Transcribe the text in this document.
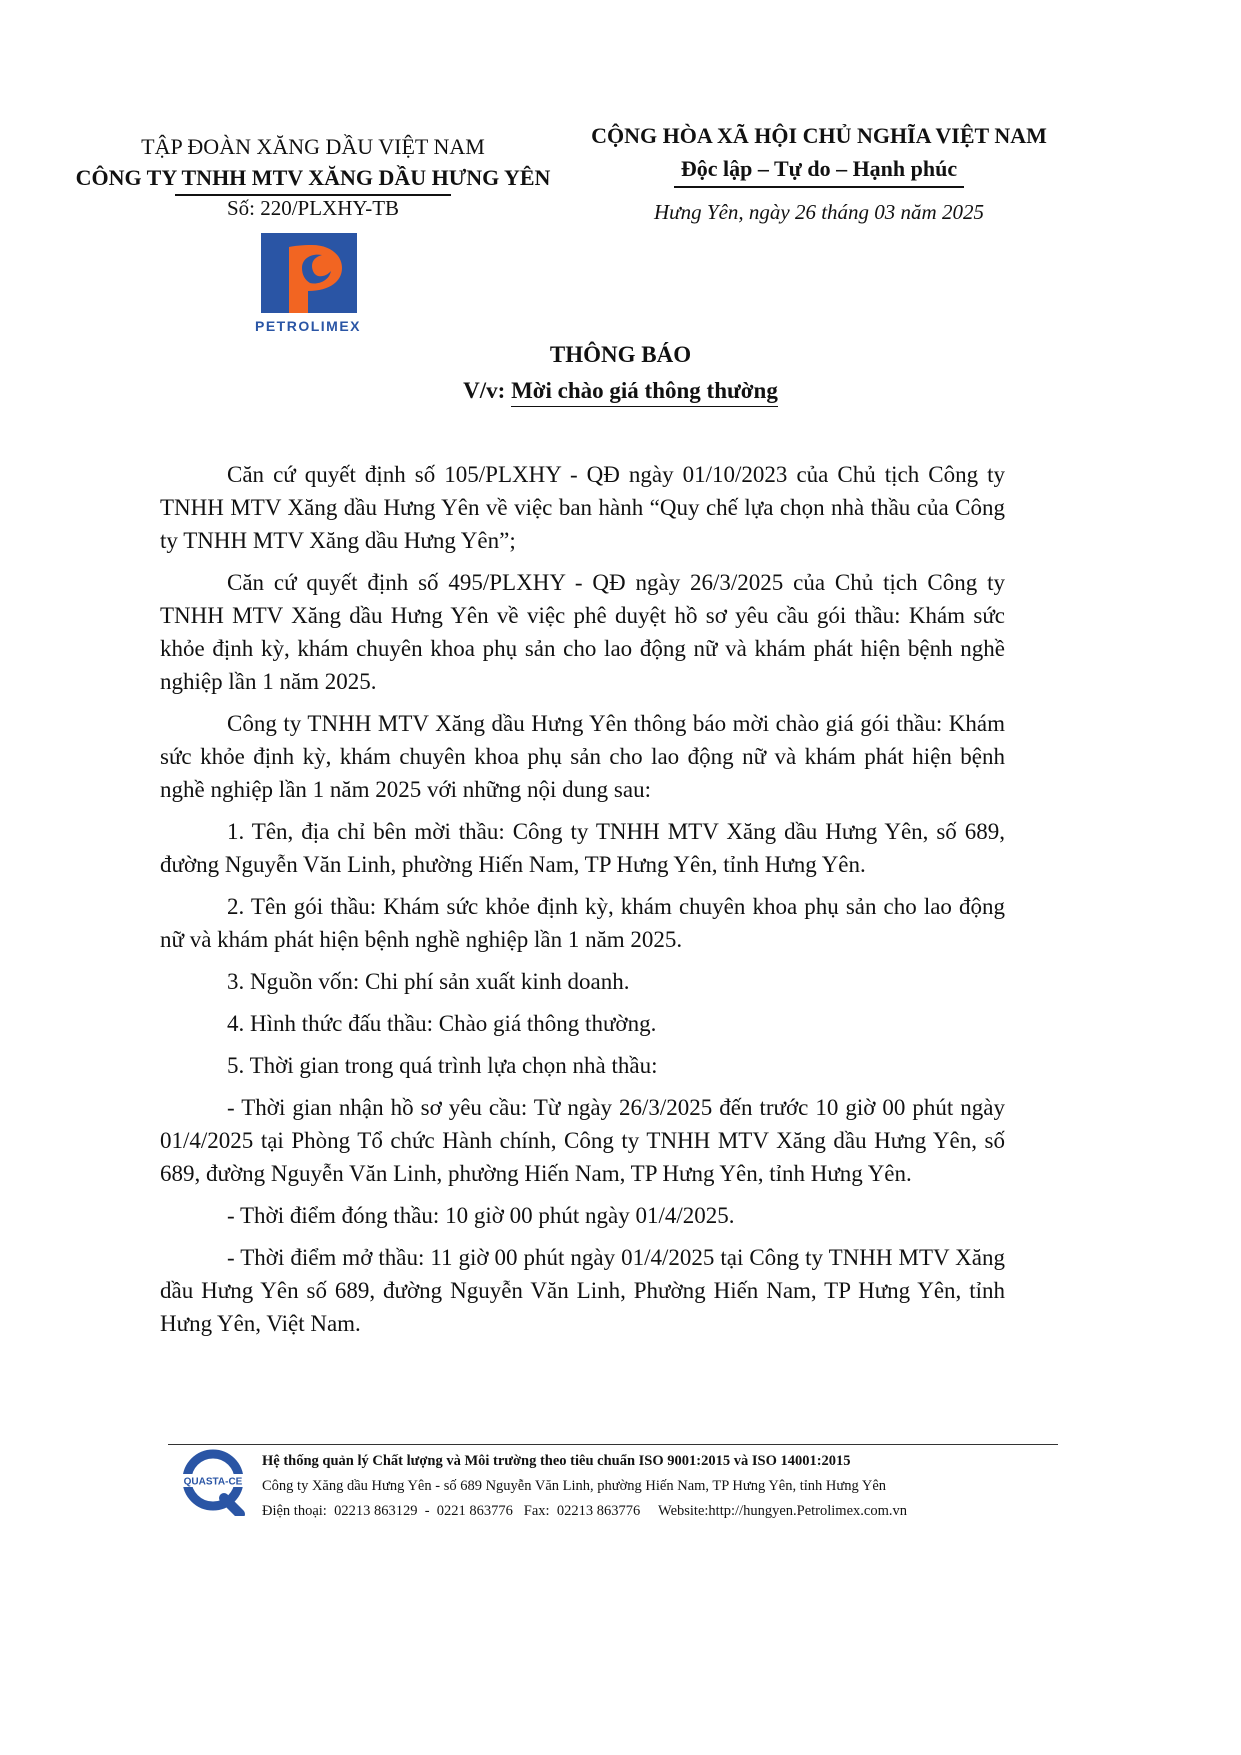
TẬP ĐOÀN XĂNG DẦU VIỆT NAM
CÔNG TY TNHH MTV XĂNG DẦU HƯNG YÊN
Số: 220/PLXHY-TB
CỘNG HÒA XÃ HỘI CHỦ NGHĨA VIỆT NAM
Độc lập – Tự do – Hạnh phúc
Hưng Yên, ngày 26 tháng 03 năm 2025
PETROLIMEX
THÔNG BÁO
V/v: Mời chào giá thông thường

Căn cứ quyết định số 105/PLXHY - QĐ ngày 01/10/2023 của Chủ tịch Công ty TNHH MTV Xăng dầu Hưng Yên về việc ban hành “Quy chế lựa chọn nhà thầu của Công ty TNHH MTV Xăng dầu Hưng Yên”;

Căn cứ quyết định số 495/PLXHY - QĐ ngày 26/3/2025 của Chủ tịch Công ty TNHH MTV Xăng dầu Hưng Yên về việc phê duyệt hồ sơ yêu cầu gói thầu: Khám sức khỏe định kỳ, khám chuyên khoa phụ sản cho lao động nữ và khám phát hiện bệnh nghề nghiệp lần 1 năm 2025.

Công ty TNHH MTV Xăng dầu Hưng Yên thông báo mời chào giá gói thầu: Khám sức khỏe định kỳ, khám chuyên khoa phụ sản cho lao động nữ và khám phát hiện bệnh nghề nghiệp lần 1 năm 2025 với những nội dung sau:

1. Tên, địa chỉ bên mời thầu: Công ty TNHH MTV Xăng dầu Hưng Yên, số 689, đường Nguyễn Văn Linh, phường Hiến Nam, TP Hưng Yên, tỉnh Hưng Yên.

2. Tên gói thầu: Khám sức khỏe định kỳ, khám chuyên khoa phụ sản cho lao động nữ và khám phát hiện bệnh nghề nghiệp lần 1 năm 2025.

3. Nguồn vốn: Chi phí sản xuất kinh doanh.

4. Hình thức đấu thầu: Chào giá thông thường.

5. Thời gian trong quá trình lựa chọn nhà thầu:

- Thời gian nhận hồ sơ yêu cầu: Từ ngày 26/3/2025 đến trước 10 giờ 00 phút ngày 01/4/2025 tại Phòng Tổ chức Hành chính, Công ty TNHH MTV Xăng dầu Hưng Yên, số 689, đường Nguyễn Văn Linh, phường Hiến Nam, TP Hưng Yên, tỉnh Hưng Yên.

- Thời điểm đóng thầu: 10 giờ 00 phút ngày 01/4/2025.

- Thời điểm mở thầu: 11 giờ 00 phút ngày 01/4/2025 tại Công ty TNHH MTV Xăng dầu Hưng Yên số 689, đường Nguyễn Văn Linh, Phường Hiến Nam, TP Hưng Yên, tỉnh Hưng Yên, Việt Nam.

QUASTA-CE
Hệ thống quản lý Chất lượng và Môi trường theo tiêu chuẩn ISO 9001:2015 và ISO 14001:2015
Công ty Xăng dầu Hưng Yên - số 689 Nguyễn Văn Linh, phường Hiến Nam, TP Hưng Yên, tỉnh Hưng Yên
Điện thoại:  02213 863129  -  0221 863776   Fax:  02213 863776     Website:http://hungyen.Petrolimex.com.vn
